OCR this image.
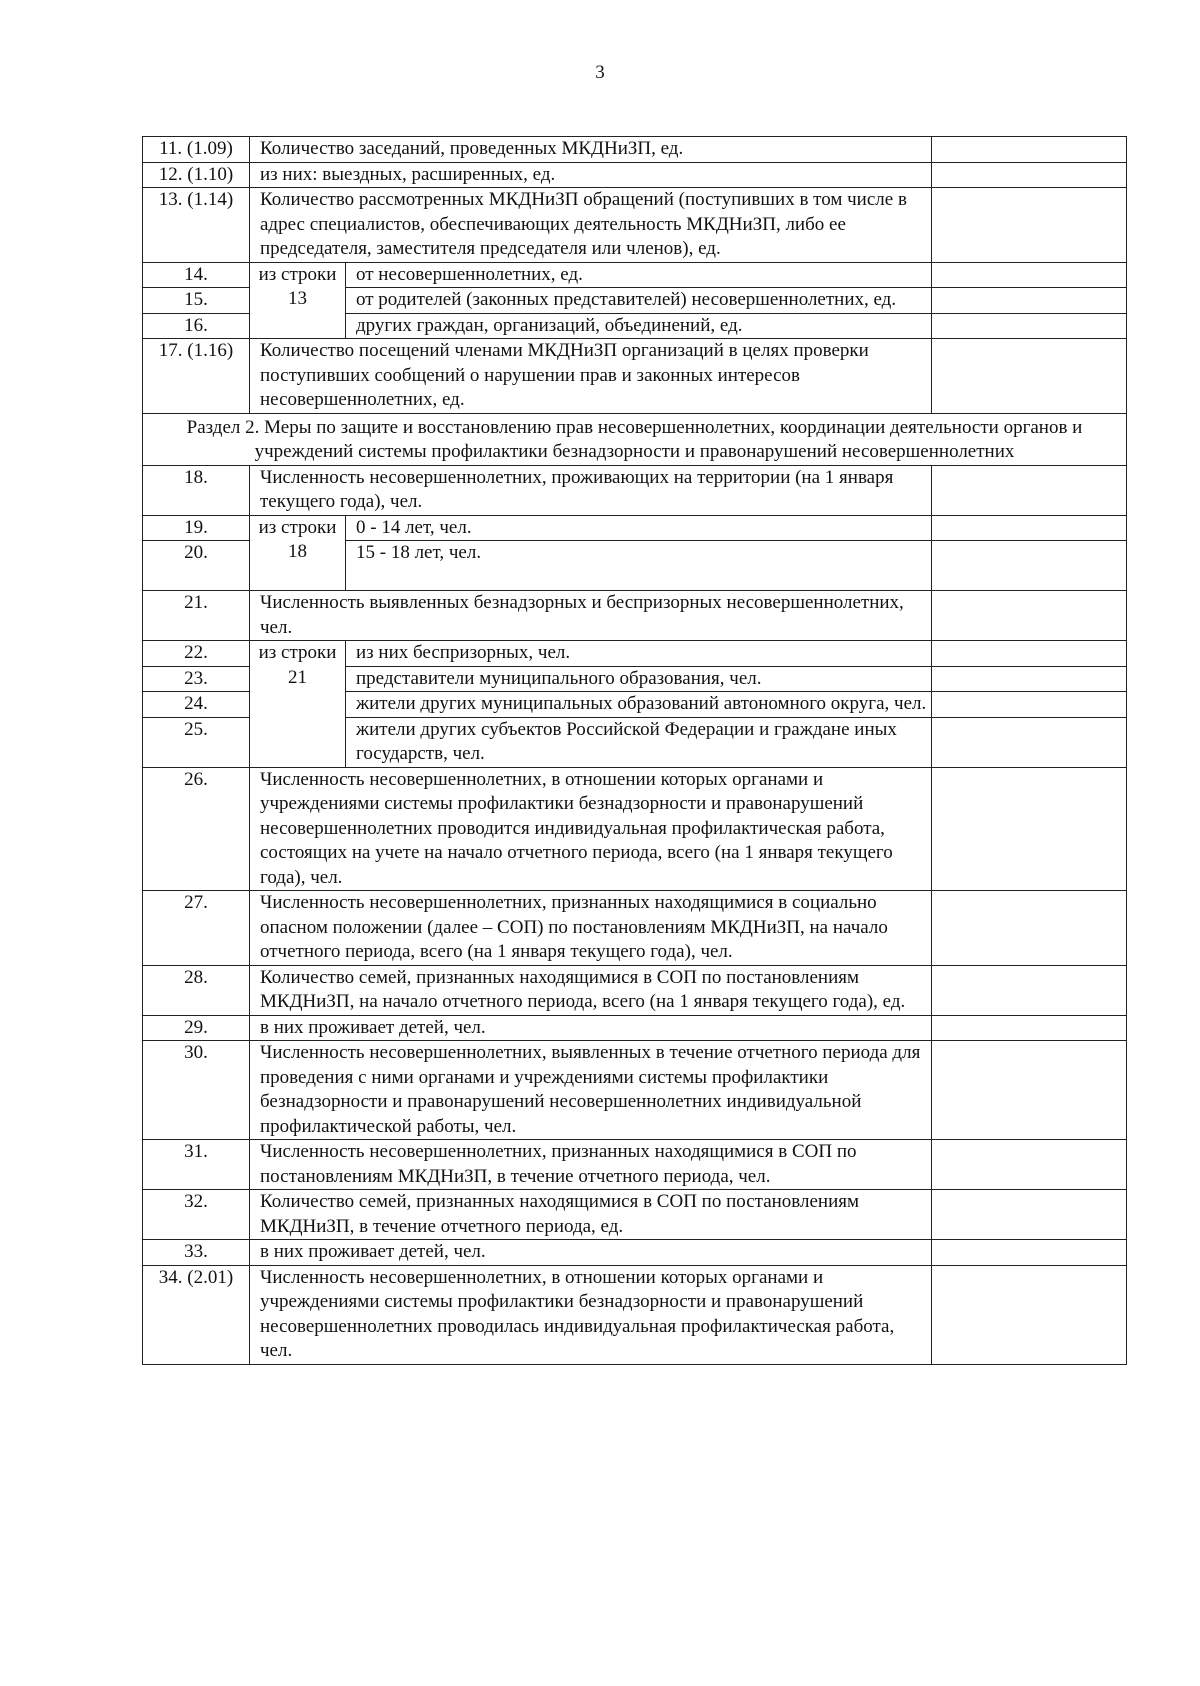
3
11. (1.09)	Количество заседаний, проведенных МКДНиЗП, ед.		
12. (1.10)	из них: выездных, расширенных, ед.		
13. (1.14)	Количество рассмотренных МКДНиЗП обращений (поступивших в том числе в адрес специалистов, обеспечивающих деятельность МКДНиЗП, либо ее председателя, заместителя председателя или членов), ед.		
14.	из строки 13	от несовершеннолетних, ед.	
15.		от родителей (законных представителей) несовершеннолетних, ед.	
16.		других граждан, организаций, объединений, ед.	
17. (1.16)	Количество посещений членами МКДНиЗП организаций в целях проверки поступивших сообщений о нарушении прав и законных интересов несовершеннолетних, ед.		
Раздел 2. Меры по защите и восстановлению прав несовершеннолетних, координации деятельности органов и учреждений системы профилактики безнадзорности и правонарушений несовершеннолетних			
18.	Численность несовершеннолетних, проживающих на территории (на 1 января текущего года), чел.		
19.	из строки 18	0 - 14 лет, чел.	
20.		15 - 18 лет, чел.	
21.	Численность выявленных безнадзорных и беспризорных несовершеннолетних, чел.		
22.	из строки 21	из них беспризорных, чел.	
23.		представители муниципального образования, чел.	
24.		жители других муниципальных образований автономного округа, чел.	
25.		жители других субъектов Российской Федерации и граждане иных государств, чел.	
26.	Численность несовершеннолетних, в отношении которых органами и учреждениями системы профилактики безнадзорности и правонарушений несовершеннолетних проводится индивидуальная профилактическая работа, состоящих на учете на начало отчетного периода, всего (на 1 января текущего года), чел.		
27.	Численность несовершеннолетних, признанных находящимися в социально опасном положении (далее – СОП) по постановлениям МКДНиЗП, на начало отчетного периода, всего (на 1 января текущего года), чел.		
28.	Количество семей, признанных находящимися в СОП по постановлениям МКДНиЗП, на начало отчетного периода, всего (на 1 января текущего года), ед.		
29.	в них проживает детей, чел.		
30.	Численность несовершеннолетних, выявленных в течение отчетного периода для проведения с ними органами и учреждениями системы профилактики безнадзорности и правонарушений несовершеннолетних индивидуальной профилактической работы, чел.		
31.	Численность несовершеннолетних, признанных находящимися в СОП по постановлениям МКДНиЗП, в течение отчетного периода, чел.		
32.	Количество семей, признанных находящимися в СОП по постановлениям МКДНиЗП, в течение отчетного периода, ед.		
33.	в них проживает детей, чел.		
34. (2.01)	Численность несовершеннолетних, в отношении которых органами и учреждениями системы профилактики безнадзорности и правонарушений несовершеннолетних проводилась индивидуальная профилактическая работа, чел.		
